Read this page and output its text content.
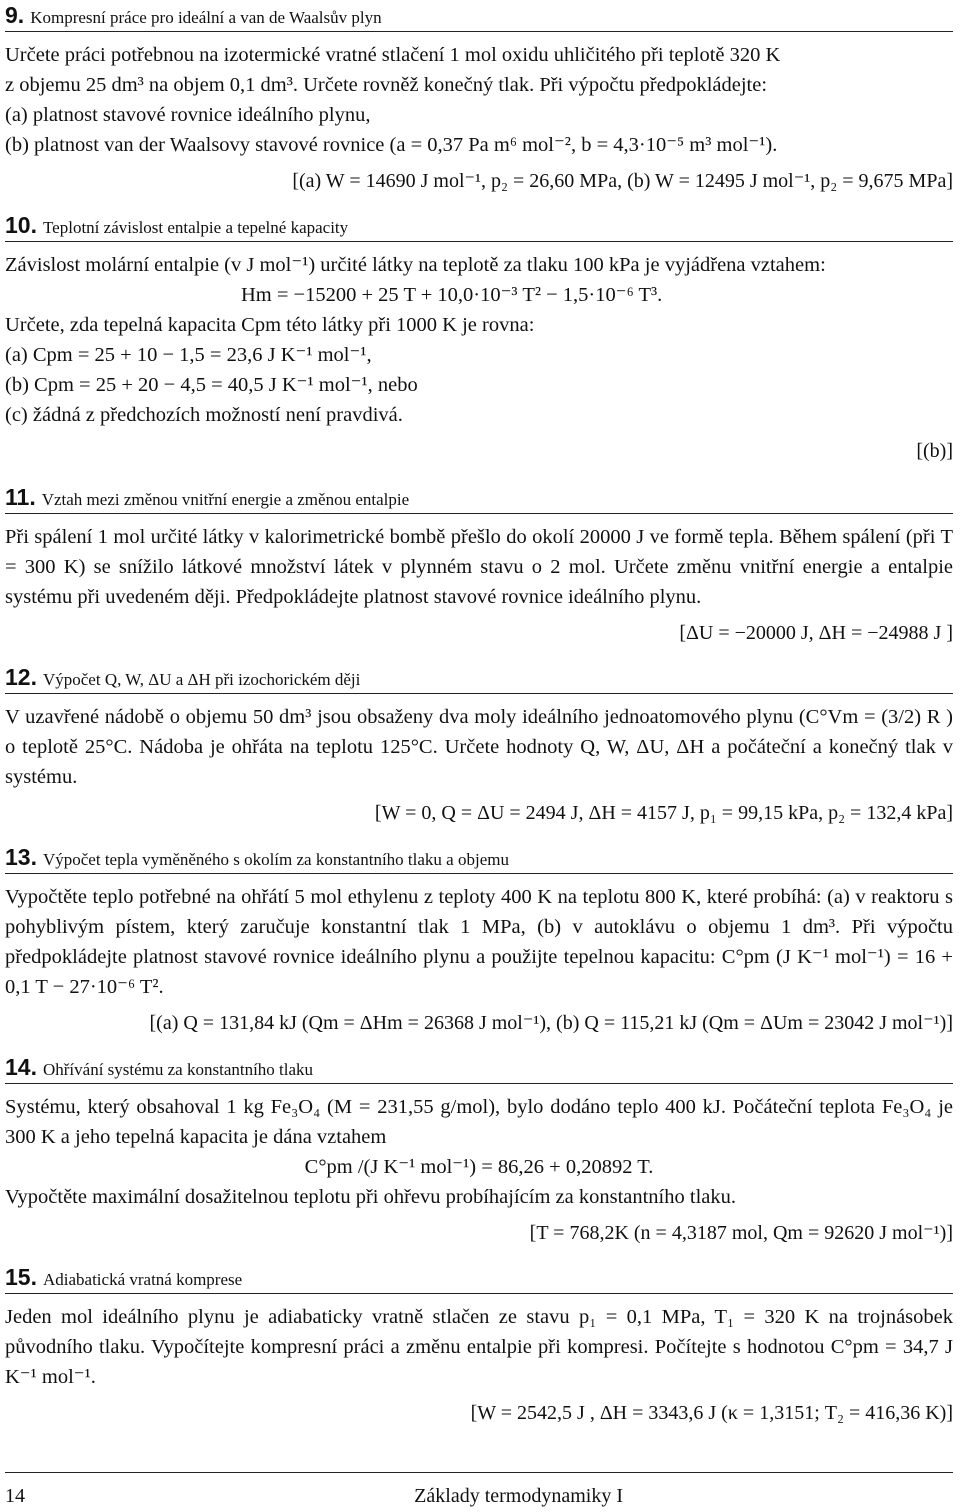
9. Kompresní práce pro ideální a van de Waalsův plyn

Určete práci potřebnou na izotermické vratné stlačení 1 mol oxidu uhličitého při teplotě 320 K

z objemu 25 dm³ na objem 0,1 dm³. Určete rovněž konečný tlak. Při výpočtu předpokládejte:

(a) platnost stavové rovnice ideálního plynu,

(b) platnost van der Waalsovy stavové rovnice (a = 0,37 Pa m⁶ mol⁻², b = 4,3·10⁻⁵ m³ mol⁻¹).

[(a) W = 14690 J mol⁻¹, p₂ = 26,60 MPa, (b) W = 12495 J mol⁻¹, p₂ = 9,675 MPa]
10. Teplotní závislost entalpie a tepelné kapacity

Závislost molární entalpie (v J mol⁻¹) určité látky na teplotě za tlaku 100 kPa je vyjádřena vztahem:

Hm = −15200 + 25 T + 10,0·10⁻³ T² − 1,5·10⁻⁶ T³.

Určete, zda tepelná kapacita Cpm této látky při 1000 K je rovna:

(a) Cpm = 25 + 10 − 1,5 = 23,6 J K⁻¹ mol⁻¹,

(b) Cpm = 25 + 20 − 4,5 = 40,5 J K⁻¹ mol⁻¹, nebo

(c) žádná z předchozích možností není pravdivá.

[(b)]
11. Vztah mezi změnou vnitřní energie a změnou entalpie

Při spálení 1 mol určité látky v kalorimetrické bombě přešlo do okolí 20000 J ve formě tepla. Během spálení (při T = 300 K) se snížilo látkové množství látek v plynném stavu o 2 mol. Určete změnu vnitřní energie a entalpie systému při uvedeném ději. Předpokládejte platnost stavové rovnice ideálního plynu.

[ΔU = −20000 J, ΔH = −24988 J ]
12. Výpočet Q, W, ΔU a ΔH při izochorickém ději

V uzavřené nádobě o objemu 50 dm³ jsou obsaženy dva moly ideálního jednoatomového plynu (C°Vm = (3/2) R ) o teplotě 25°C. Nádoba je ohřáta na teplotu 125°C. Určete hodnoty Q, W, ΔU, ΔH a počáteční a konečný tlak v systému.

[W = 0, Q = ΔU = 2494 J, ΔH = 4157 J, p₁ = 99,15 kPa, p₂ = 132,4 kPa]
13. Výpočet tepla vyměněného s okolím za konstantního tlaku a objemu

Vypočtěte teplo potřebné na ohřátí 5 mol ethylenu z teploty 400 K na teplotu 800 K, které probíhá: (a) v reaktoru s pohyblivým pístem, který zaručuje konstantní tlak 1 MPa, (b) v autoklávu o objemu 1 dm³. Při výpočtu předpokládejte platnost stavové rovnice ideálního plynu a použijte tepelnou kapacitu: C°pm (J K⁻¹ mol⁻¹) = 16 + 0,1 T − 27·10⁻⁶ T².

[(a) Q = 131,84 kJ (Qm = ΔHm = 26368 J mol⁻¹), (b) Q = 115,21 kJ (Qm = ΔUm = 23042 J mol⁻¹)]
14. Ohřívání systému za konstantního tlaku

Systému, který obsahoval 1 kg Fe₃O₄ (M = 231,55 g/mol), bylo dodáno teplo 400 kJ. Počáteční teplota Fe₃O₄ je 300 K a jeho tepelná kapacita je dána vztahem

C°pm /(J K⁻¹ mol⁻¹) = 86,26 + 0,20892 T.

Vypočtěte maximální dosažitelnou teplotu při ohřevu probíhajícím za konstantního tlaku.

[T = 768,2K (n = 4,3187 mol, Qm = 92620 J mol⁻¹)]
15. Adiabatická vratná komprese

Jeden mol ideálního plynu je adiabaticky vratně stlačen ze stavu p₁ = 0,1 MPa, T₁ = 320 K na trojnásobek původního tlaku. Vypočítejte kompresní práci a změnu entalpie při kompresi. Počítejte s hodnotou C°pm = 34,7 J K⁻¹ mol⁻¹.

[W = 2542,5 J , ΔH = 3343,6 J (κ = 1,3151; T₂ = 416,36 K)]
14	Základy termodynamiky I
